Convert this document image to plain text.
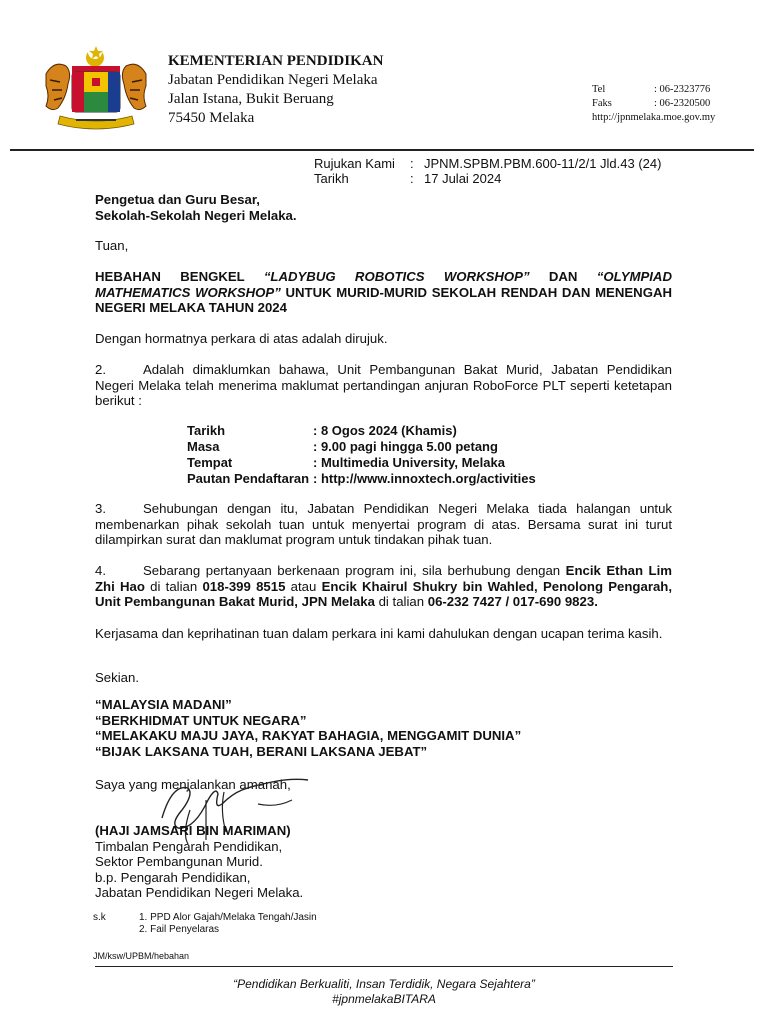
KEMENTERIAN PENDIDIKAN
Jabatan Pendidikan Negeri Melaka
Jalan Istana, Bukit Beruang
75450 Melaka
Tel	: 06-2323776
Faks	: 06-2320500
http://jpnmelaka.moe.gov.my
Rujukan Kami	: JPNM.SPBM.PBM.600-11/2/1 Jld.43 (24)
Tarikh	: 17 Julai 2024
Pengetua dan Guru Besar,
Sekolah-Sekolah Negeri Melaka.
Tuan,
HEBAHAN BENGKEL “LADYBUG ROBOTICS WORKSHOP” DAN “OLYMPIAD MATHEMATICS WORKSHOP” UNTUK MURID-MURID SEKOLAH RENDAH DAN MENENGAH NEGERI MELAKA TAHUN 2024
Dengan hormatnya perkara di atas adalah dirujuk.
2.	Adalah dimaklumkan bahawa, Unit Pembangunan Bakat Murid, Jabatan Pendidikan Negeri Melaka telah menerima maklumat pertandingan anjuran RoboForce PLT seperti ketetapan berikut :
Tarikh	: 8 Ogos 2024 (Khamis)
Masa	: 9.00 pagi hingga 5.00 petang
Tempat	: Multimedia University, Melaka
Pautan Pendaftaran : http://www.innoxtech.org/activities
3.	Sehubungan dengan itu, Jabatan Pendidikan Negeri Melaka tiada halangan untuk membenarkan pihak sekolah tuan untuk menyertai program di atas. Bersama surat ini turut dilampirkan surat dan maklumat program untuk tindakan pihak tuan.
4.	Sebarang pertanyaan berkenaan program ini, sila berhubung dengan Encik Ethan Lim Zhi Hao di talian 018-399 8515 atau Encik Khairul Shukry bin Wahled, Penolong Pengarah, Unit Pembangunan Bakat Murid, JPN Melaka di talian 06-232 7427 / 017-690 9823.
Kerjasama dan keprihatinan tuan dalam perkara ini kami dahulukan dengan ucapan terima kasih.
Sekian.
“MALAYSIA MADANI”
“BERKHIDMAT UNTUK NEGARA”
“MELAKAKU MAJU JAYA, RAKYAT BAHAGIA, MENGGAMIT DUNIA”
“BIJAK LAKSANA TUAH, BERANI LAKSANA JEBAT”
Saya yang menjalankan amanah,
(HAJI JAMSARI BIN MARIMAN)
Timbalan Pengarah Pendidikan,
Sektor Pembangunan Murid.
b.p. Pengarah Pendidikan,
Jabatan Pendidikan Negeri Melaka.
s.k	1. PPD Alor Gajah/Melaka Tengah/Jasin
2. Fail Penyelaras
JM/ksw/UPBM/hebahan
“Pendidikan Berkualiti, Insan Terdidik, Negara Sejahtera”
#jpnmelakaBITARA
